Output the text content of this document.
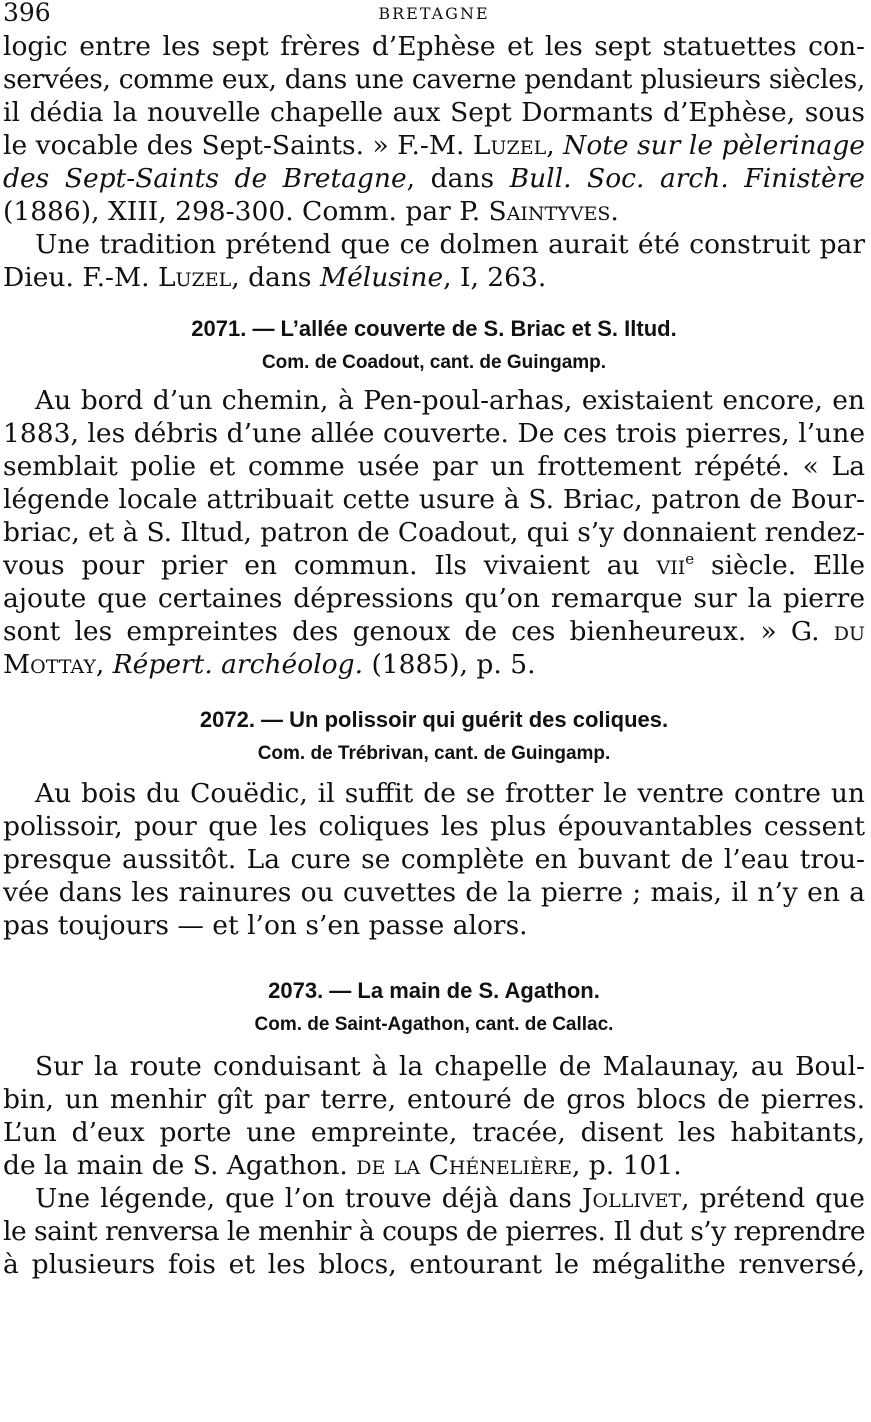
396	BRETAGNE
logic entre les sept frères d’Ephèse et les sept statuettes con-
servées, comme eux, dans une caverne pendant plusieurs siècles,
il dédia la nouvelle chapelle aux Sept Dormants d’Ephèse, sous
le vocable des Sept-Saints. » F.-M. Luzel, Note sur le pèlerinage
des Sept-Saints de Bretagne, dans Bull. Soc. arch. Finistère
(1886), XIII, 298-300. Comm. par P. Saintyves.
Une tradition prétend que ce dolmen aurait été construit par
Dieu. F.-M. Luzel, dans Mélusine, I, 263.
2071. — L’allée couverte de S. Briac et S. Iltud.
Com. de Coadout, cant. de Guingamp.
Au bord d’un chemin, à Pen-poul-arhas, existaient encore, en
1883, les débris d’une allée couverte. De ces trois pierres, l’une
semblait polie et comme usée par un frottement répété. « La
légende locale attribuait cette usure à S. Briac, patron de Bour-
briac, et à S. Iltud, patron de Coadout, qui s’y donnaient rendez-
vous pour prier en commun. Ils vivaient au vii$^e$ siècle. Elle
ajoute que certaines dépressions qu’on remarque sur la pierre
sont les empreintes des genoux de ces bienheureux. » G. du
Mottay, Répert. archéolog. (1885), p. 5.
2072. — Un polissoir qui guérit des coliques.
Com. de Trébrivan, cant. de Guingamp.
Au bois du Couëdic, il suffit de se frotter le ventre contre un
polissoir, pour que les coliques les plus épouvantables cessent
presque aussitôt. La cure se complète en buvant de l’eau trou-
vée dans les rainures ou cuvettes de la pierre ; mais, il n’y en a
pas toujours — et l’on s’en passe alors.
2073. — La main de S. Agathon.
Com. de Saint-Agathon, cant. de Callac.
Sur la route conduisant à la chapelle de Malaunay, au Boul-
bin, un menhir gît par terre, entouré de gros blocs de pierres.
L’un d’eux porte une empreinte, tracée, disent les habitants,
de la main de S. Agathon. de la Chénelière, p. 101.
Une légende, que l’on trouve déjà dans Jollivet, prétend que
le saint renversa le menhir à coups de pierres. Il dut s’y reprendre
à plusieurs fois et les blocs, entourant le mégalithe renversé,
